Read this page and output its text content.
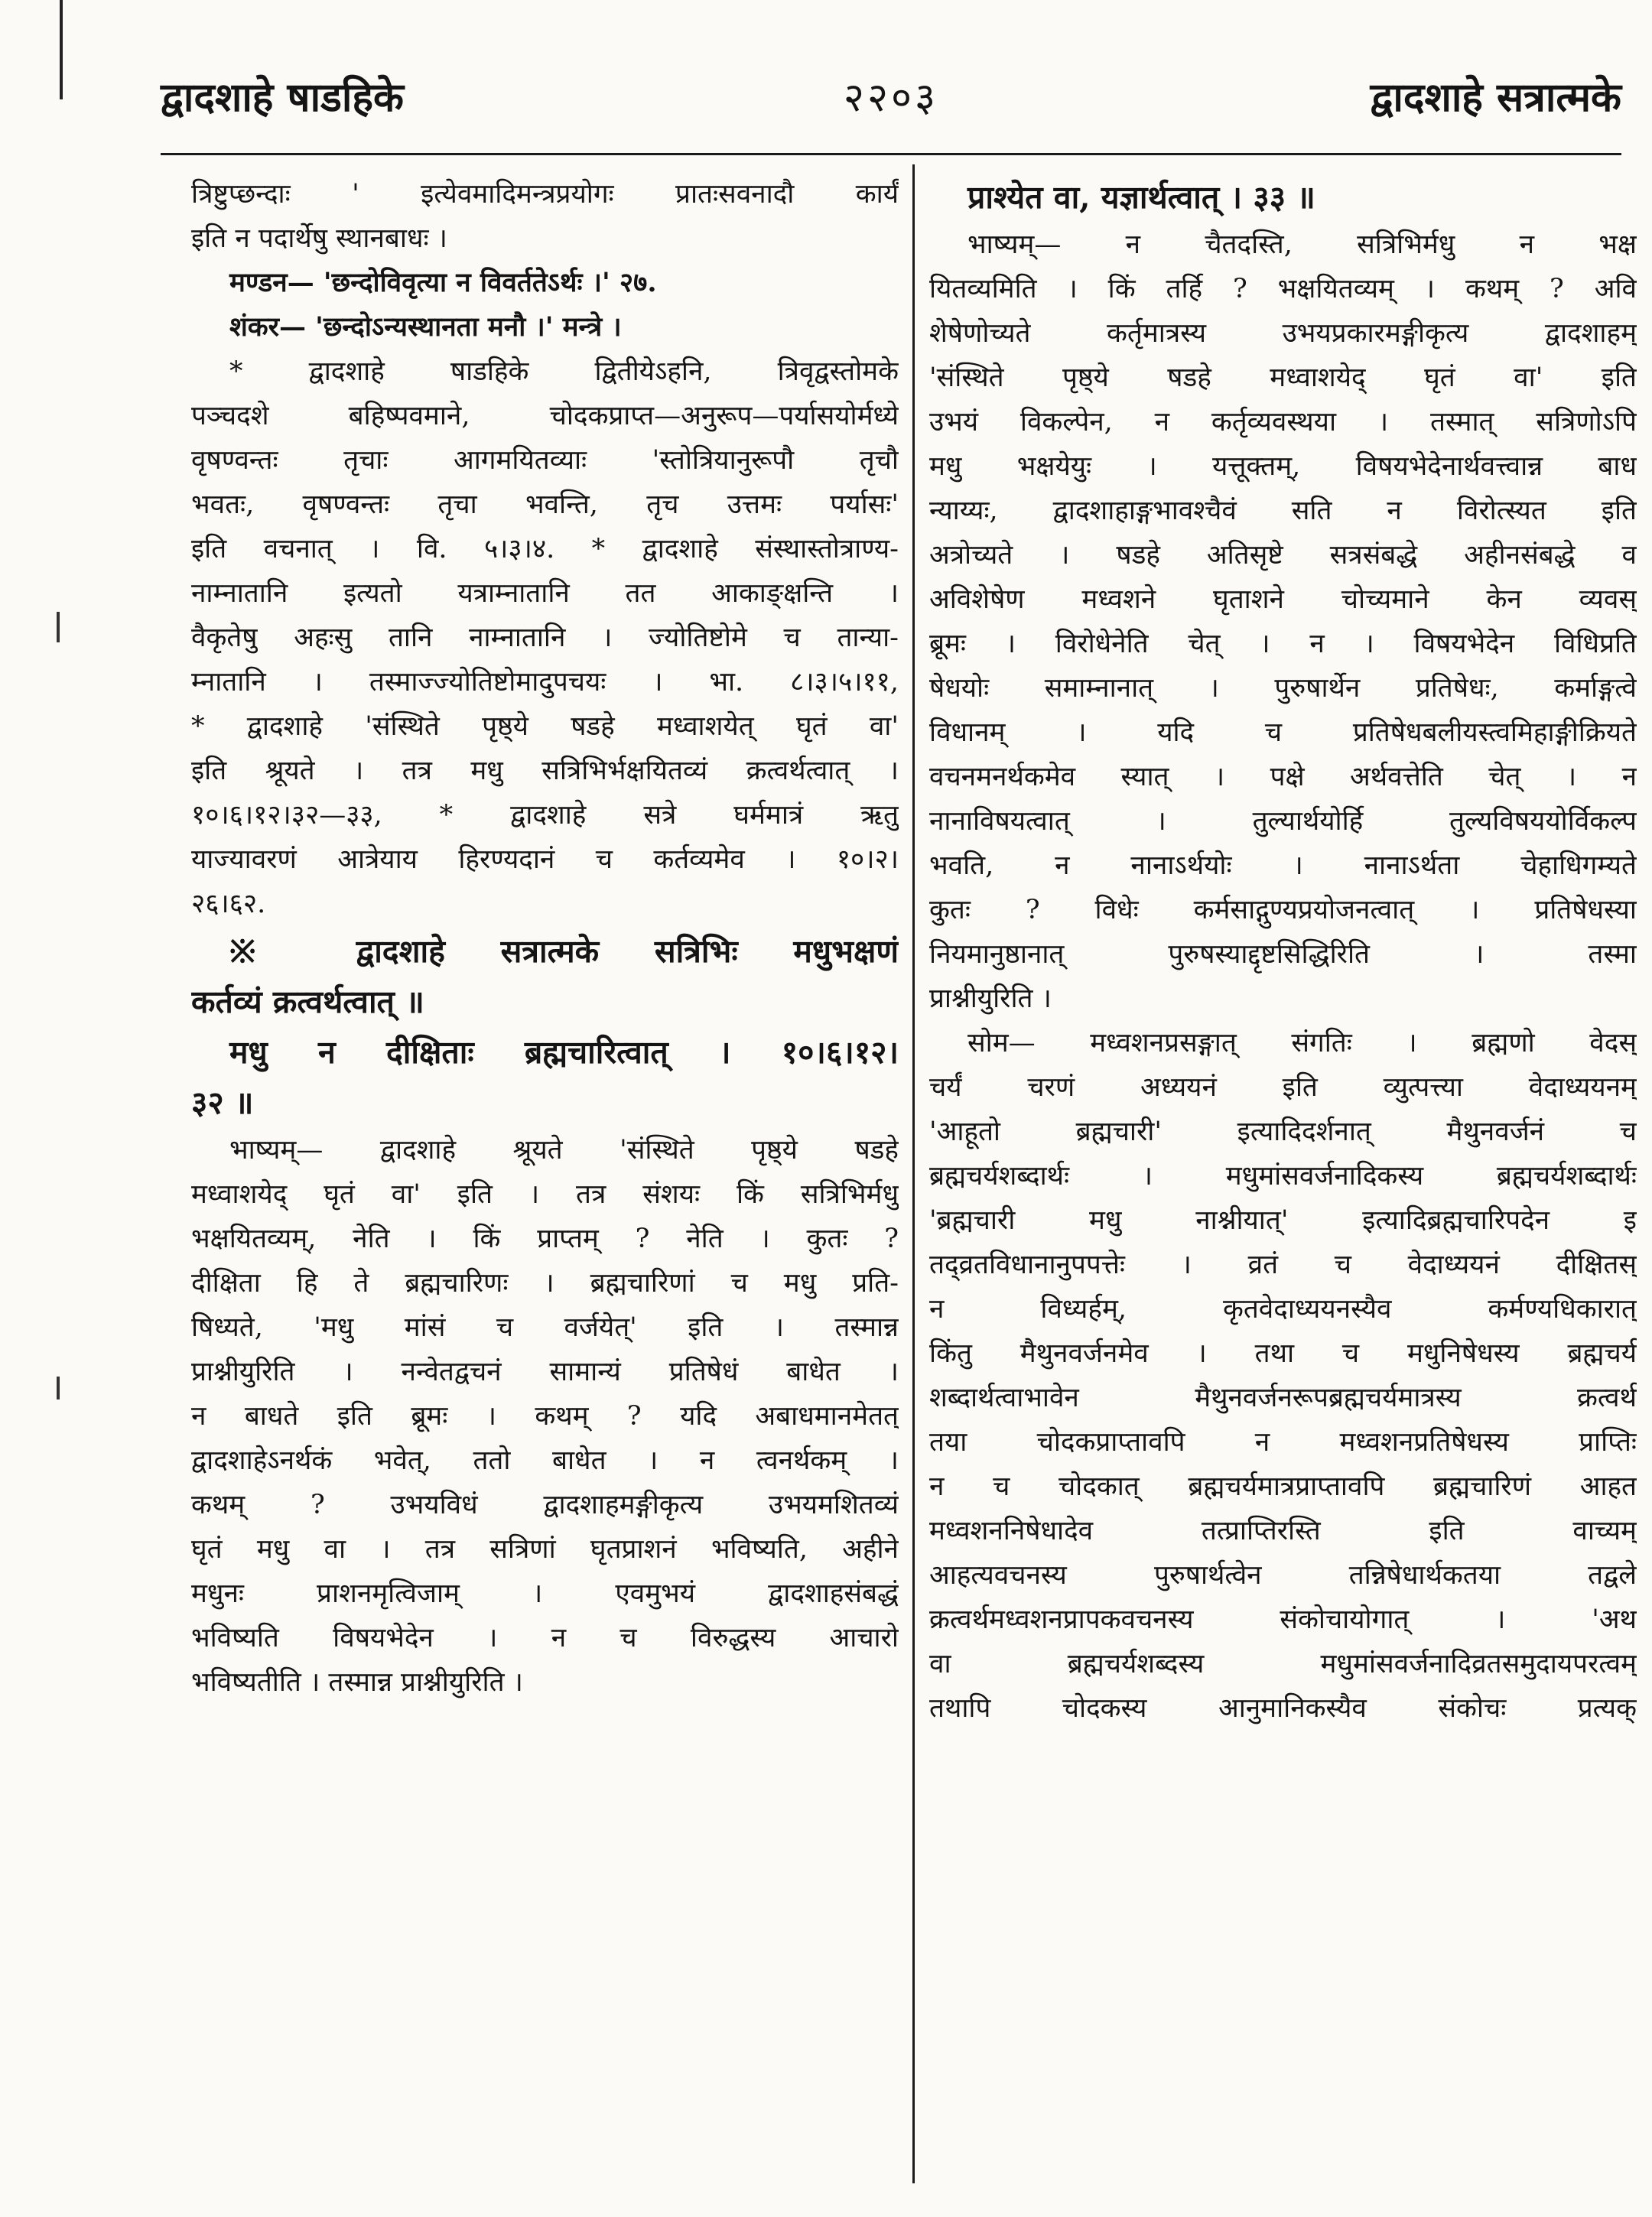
द्वादशाहे षाडहिके	२२०३	द्वादशाहे सत्रात्मके
त्रिष्टुप्छन्दाः ' इत्येवमादिमन्त्रप्रयोगः प्रातःसवनादौ कार्यं
इति न पदार्थेषु स्थानबाधः ।
मण्डन— 'छन्दोविवृत्या न विवर्ततेऽर्थः ।' २७.
शंकर— 'छन्दोऽन्यस्थानता मनौ ।' मन्त्रे ।
* द्वादशाहे षाडहिके द्वितीयेऽहनि, त्रिवृद्वस्तोमके
पञ्चदशे बहिष्पवमाने, चोदकप्राप्त—अनुरूप—पर्यासयोर्मध्ये
वृषण्वन्तः तृचाः आगमयितव्याः 'स्तोत्रियानुरूपौ तृचौ
भवतः, वृषण्वन्तः तृचा भवन्ति, तृच उत्तमः पर्यासः'
इति वचनात् । वि. ५।३।४. * द्वादशाहे संस्थास्तोत्राण्य-
नाम्नातानि इत्यतो यत्राम्नातानि तत आकाङ्क्षन्ति ।
वैकृतेषु अहःसु तानि नाम्नातानि । ज्योतिष्टोमे च तान्या-
म्नातानि । तस्माज्ज्योतिष्टोमादुपचयः । भा. ८।३।५।११,
* द्वादशाहे 'संस्थिते पृष्ठ्ये षडहे मध्वाशयेत् घृतं वा'
इति श्रूयते । तत्र मधु सत्रिभिर्भक्षयितव्यं क्रत्वर्थत्वात् ।
१०।६।१२।३२—३३, * द्वादशाहे सत्रे घर्ममात्रं ऋतु
याज्यावरणं आत्रेयाय हिरण्यदानं च कर्तव्यमेव । १०।२।
२६।६२.
※ द्वादशाहे सत्रात्मके सत्रिभिः मधुभक्षणं
कर्तव्यं क्रत्वर्थत्वात् ॥
मधु न दीक्षिताः ब्रह्मचारित्वात् । १०।६।१२।
३२ ॥
भाष्यम्— द्वादशाहे श्रूयते 'संस्थिते पृष्ठ्ये षडहे
मध्वाशयेद् घृतं वा' इति । तत्र संशयः किं सत्रिभिर्मधु
भक्षयितव्यम्, नेति । किं प्राप्तम् ? नेति । कुतः ?
दीक्षिता हि ते ब्रह्मचारिणः । ब्रह्मचारिणां च मधु प्रति-
षिध्यते, 'मधु मांसं च वर्जयेत्' इति । तस्मान्न
प्राश्नीयुरिति । नन्वेतद्वचनं सामान्यं प्रतिषेधं बाधेत ।
न बाधते इति ब्रूमः । कथम् ? यदि अबाधमानमेतत्
द्वादशाहेऽनर्थकं भवेत्, ततो बाधेत । न त्वनर्थकम् ।
कथम् ? उभयविधं द्वादशाहमङ्गीकृत्य उभयमशितव्यं
घृतं मधु वा । तत्र सत्रिणां घृतप्राशनं भविष्यति, अहीने
मधुनः प्राशनमृत्विजाम् । एवमुभयं द्वादशाहसंबद्धं
भविष्यति विषयभेदेन । न च विरुद्धस्य आचारो
भविष्यतीति । तस्मान्न प्राश्नीयुरिति ।
प्राश्येत वा, यज्ञार्थत्वात् । ३३ ॥
भाष्यम्— न चैतदस्ति, सत्रिभिर्मधु न भक्ष
यितव्यमिति । किं तर्हि ? भक्षयितव्यम् । कथम् ? अवि
शेषेणोच्यते कर्तृमात्रस्य उभयप्रकारमङ्गीकृत्य द्वादशाहम्
'संस्थिते पृष्ठ्ये षडहे मध्वाशयेद् घृतं वा' इति
उभयं विकल्पेन, न कर्तृव्यवस्थया । तस्मात् सत्रिणोऽपि
मधु भक्षयेयुः । यत्तूक्तम्, विषयभेदेनार्थवत्त्वान्न बाध
न्याय्यः, द्वादशाहाङ्गभावश्चैवं सति न विरोत्स्यत इति
अत्रोच्यते । षडहे अतिसृष्टे सत्रसंबद्धे अहीनसंबद्धे व
अविशेषेण मध्वशने घृताशने चोच्यमाने केन व्यवस्
ब्रूमः । विरोधेनेति चेत् । न । विषयभेदेन विधिप्रति
षेधयोः समाम्नानात् । पुरुषार्थेन प्रतिषेधः, कर्माङ्गत्वे
विधानम् । यदि च प्रतिषेधबलीयस्त्वमिहाङ्गीक्रियते
वचनमनर्थकमेव स्यात् । पक्षे अर्थवत्तेति चेत् । न
नानाविषयत्वात् । तुल्यार्थयोर्हि तुल्यविषययोर्विकल्प
भवति, न नानाऽर्थयोः । नानाऽर्थता चेहाधिगम्यते
कुतः ? विधेः कर्मसाद्गुण्यप्रयोजनत्वात् । प्रतिषेधस्या
नियमानुष्ठानात् पुरुषस्याद्दृष्टसिद्धिरिति । तस्मा
प्राश्नीयुरिति ।
सोम— मध्वशनप्रसङ्गात् संगतिः । ब्रह्मणो वेदस्
चर्यं चरणं अध्ययनं इति व्युत्पत्त्या वेदाध्ययनम्
'आहूतो ब्रह्मचारी' इत्यादिदर्शनात् मैथुनवर्जनं च
ब्रह्मचर्यशब्दार्थः । मधुमांसवर्जनादिकस्य ब्रह्मचर्यशब्दार्थः
'ब्रह्मचारी मधु नाश्नीयात्' इत्यादिब्रह्मचारिपदेन इ
तद्व्रतविधानानुपपत्तेः । व्रतं च वेदाध्ययनं दीक्षितस्
न विध्यर्हम्, कृतवेदाध्ययनस्यैव कर्मण्यधिकारात्
किंतु मैथुनवर्जनमेव । तथा च मधुनिषेधस्य ब्रह्मचर्य
शब्दार्थत्वाभावेन मैथुनवर्जनरूपब्रह्मचर्यमात्रस्य क्रत्वर्थ
तया चोदकप्राप्तावपि न मध्वशनप्रतिषेधस्य प्राप्तिः
न च चोदकात् ब्रह्मचर्यमात्रप्राप्तावपि ब्रह्मचारिणं आहत
मध्वशननिषेधादेव तत्प्राप्तिरस्ति इति वाच्यम्
आहत्यवचनस्य पुरुषार्थत्वेन तन्निषेधार्थकतया तद्वले
क्रत्वर्थमध्वशनप्रापकवचनस्य संकोचायोगात् । 'अथ
वा ब्रह्मचर्यशब्दस्य मधुमांसवर्जनादिव्रतसमुदायपरत्वम्
तथापि चोदकस्य आनुमानिकस्यैव संकोचः प्रत्यक्
